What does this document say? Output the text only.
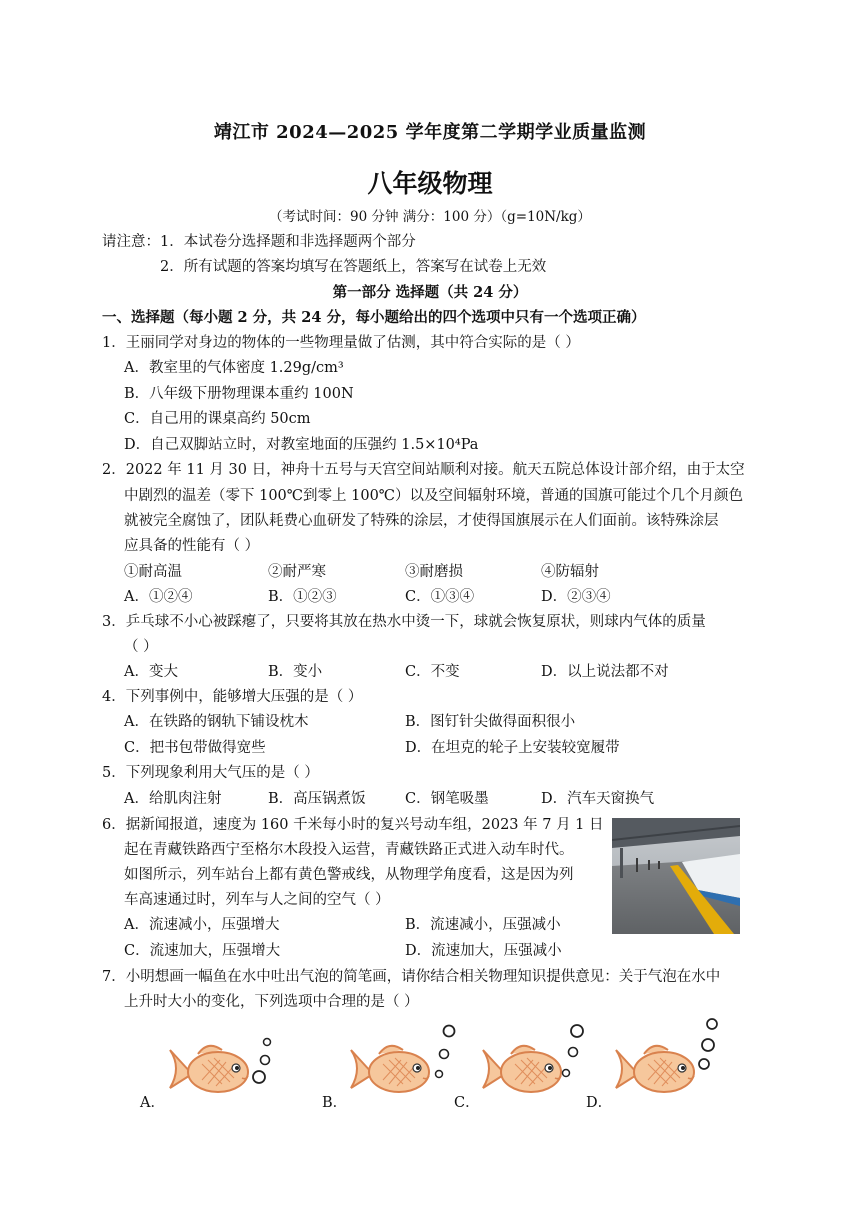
靖江市 2024—2025 学年度第二学期学业质量监测
八年级物理
（考试时间：90 分钟 满分：100 分）（g=10N/kg）
请注意： 1．本试卷分选择题和非选择题两个部分
2．所有试题的答案均填写在答题纸上，答案写在试卷上无效
第一部分 选择题（共 24 分）
一、选择题（每小题 2 分，共 24 分，每小题给出的四个选项中只有一个选项正确）
1．王丽同学对身边的物体的一些物理量做了估测，其中符合实际的是（ ）
A．教室里的气体密度 1.29g/cm³
B．八年级下册物理课本重约 100N
C．自己用的课桌高约 50cm
D．自己双脚站立时，对教室地面的压强约 1.5×10⁴Pa
2．2022 年 11 月 30 日，神舟十五号与天宫空间站顺利对接。航天五院总体设计部介绍，由于太空
中剧烈的温差（零下 100℃到零上 100℃）以及空间辐射环境，普通的国旗可能过个几个月颜色
就被完全腐蚀了，团队耗费心血研发了特殊的涂层，才使得国旗展示在人们面前。该特殊涂层
应具备的性能有（ ）
①耐高温	②耐严寒	③耐磨损	④防辐射
A．①②④	B．①②③	C．①③④	D．②③④
3．乒乓球不小心被踩瘪了，只要将其放在热水中烫一下，球就会恢复原状，则球内气体的质量
（ ）
A．变大	B．变小	C．不变	D．以上说法都不对
4．下列事例中，能够增大压强的是（ ）
A．在铁路的钢轨下铺设枕木	B．图钉针尖做得面积很小
C．把书包带做得宽些	D．在坦克的轮子上安装较宽履带
5．下列现象利用大气压的是（ ）
A．给肌肉注射	B．高压锅煮饭	C．钢笔吸墨	D．汽车天窗换气
6．据新闻报道，速度为 160 千米每小时的复兴号动车组，2023 年 7 月 1 日
起在青藏铁路西宁至格尔木段投入运营，青藏铁路正式进入动车时代。
如图所示，列车站台上都有黄色警戒线，从物理学角度看，这是因为列
车高速通过时，列车与人之间的空气（ ）
A．流速减小，压强增大	B．流速减小，压强减小
C．流速加大，压强增大	D．流速加大，压强减小
7．小明想画一幅鱼在水中吐出气泡的简笔画，请你结合相关物理知识提供意见：关于气泡在水中
上升时大小的变化，下列选项中合理的是（ ）
A．	B．	C．	D．
